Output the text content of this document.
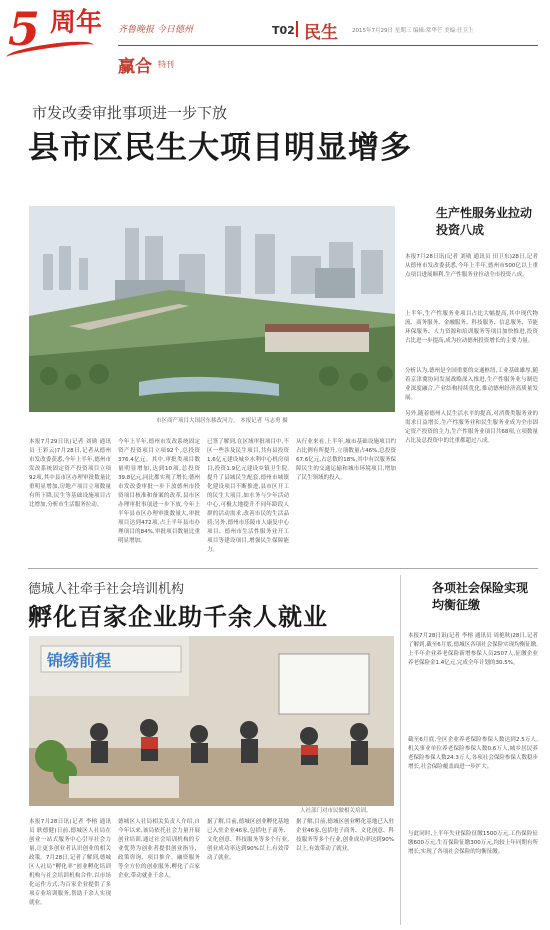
5 周年 齐鲁晚报 今日德州
赢合 特刊
T02 民生	2015年7月29日 星期三 编辑:常华芒 美编:任卫上
市发改委审批事项进一步下放
县市区民生大项目明显增多
市区商产项目大国居东移改河力。 本报记者 马志勇 摄
生产性服务业拉动投资八成
本报7月29日讯(记者 刘勋 通讯员 王彩云)7月28日,记者从德州市发改委获悉,今年上半年,德州市发改系统固定资产投资项目立项92项,其中县市区办理审批数量比重明显增加,房地产项目立项数量有所下降,民生等基础设施项目占比增加,分析市生活服务拉动。
今年上半年,德州市发改系统固定资产投资项目立项92个,总投资376.4亿元。其中,审批类项目数量明显增加,达到10项,总投资39.8亿元,同比都实现了增长;德州市发改委审批一步下放德州市投资项目核准和备案的改革,县市区办理审批事项进一步下放,今年上半年县市区办理审批数量大,审批项目达到472项,占上半年县市办理项目的84%,审批项目数量比重明显增加。
已签了解到,在区域审批项目中,不区一些涉及民生项目,共有县投资1.6亿元建设城乡水利中心机房项目,投资1.9亿元建设乡镇卫生院,提升了县城民生配套,德州市城镇化建设项目不断推进,县市区开工的民生大项目,如水务与少年活动中心,可极大地提升不同年龄段人群的活动需求,改善市民的生活品质;另外,德州市乐陵市人康复中心项目、德州市生活性服务业开工项目等建设项目,增强民生保障能力。
从行业来看,上半年,城市基础设施项目约占比例有所提升,立项数量占46%,总投资67.6亿元,占总数的18%,其中有以服务保障民生的交通运输和城市环境项目,增加了民生领域的投入。
另外,随着德州人民生活水平的提高,对消费类服务业的需求日益增长,生产性服务业和民生服务业成为全市固定资产投资的主力,生产性服务业项目共68项,立项数量占比及总投资中的比重都超过八成。
本报7月28日讯(记者 刘勋 通讯员 田卫东)28日,记者从德州市发改委获悉,今年上半年,德州市500亿以上重点项目进展顺利,生产性服务业拉动全市投资八成。
上半年,生产性服务业项目占比大幅提高,其中现代物流、商务服务、金融服务、科技服务、信息服务、节能环保服务、人力资源和培训服务等项目加快推进,投资占比进一步提高,成为拉动德州投资增长的主要力量。
分析认为,德州是全国重要的交通枢纽,工业基础雄厚,随着京津冀协同发展战略深入推进,生产性服务业与制造业深度融合,产业结构持续优化,推动德州经济高质量发展。
德城人社牵手社会培训机构
孵化百家企业助千余人就业
锦绣前程
人社部门对市民做相关培训。
各项社会保险实现均衡征缴
本报7月28日讯(记者 李榕 通讯员 耿德健)日前,德城区人社局在创业一站式服务中心引导社会力量,让更多创业者认识创业的相关政策。7月28日,记者了解到,德城区人社局“孵化率”创业孵化培训机构与社会培训机构合作,以市场化运作方式,为百家企业提供了多项专业培训服务,帮助千余人实现就业。
德城区人社局相关负责人介绍,自今年以来,该局依托社会力量开展创业培训,通过社会培训机构的专业优势为创业者提供创业指导、政策咨询、项目推介、融资服务等全方位的创业服务,孵化了百家企业,带动就业千余人。
据了解,目前,德城区创业孵化基地已入驻企业46家,包括电子商务、文化创意、科技服务等多个行业,创业成功率达到90%以上,有效带动了就业。
据了解,目前,德城区创业孵化基地已入驻企业46家,包括电子商务、文化创意、科技服务等多个行业,创业成功率达到90%以上,有效带动了就业。
本报7月28日讯(记者 李榕 通讯员 周艳秋)28日,记者了解到,截至6月底,德城区各项社会保险实现均衡征缴,上半年企业养老保险新增参保人员2507人,征缴企业养老保险金1.4亿元,完成全年计划的30.5%。
截至6月底,全区企业养老保险参保人数达到2.5万人,机关事业单位养老保险参保人数0.6万人,城乡居民养老保险参保人数24.3万人,各项社会保险参保人数稳步增长,社会保险覆盖面进一步扩大。
与此同时,上半年失业保险征缴1500万元,工伤保险征缴600万元,生育保险征缴300万元,均较上年同期有所增长,实现了各项社会保险的均衡征缴。
